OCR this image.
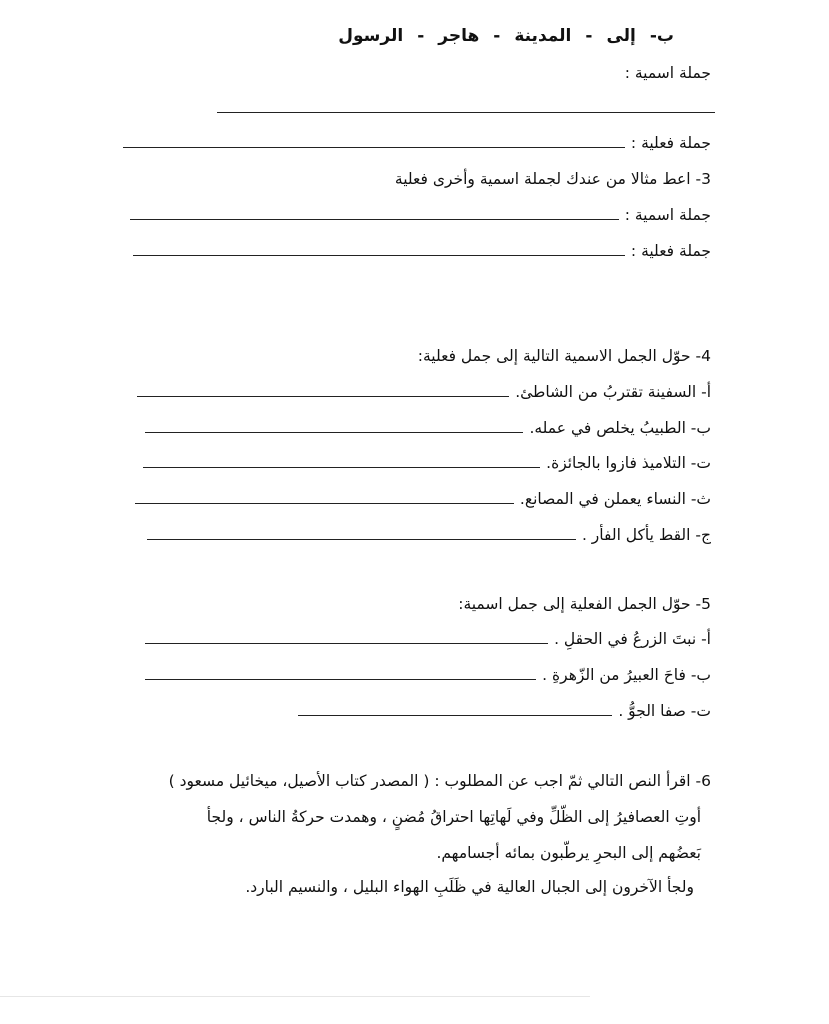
ب-إلى-المدينة-هاجر-الرسول
جملة اسمية :
جملة فعلية :
3- اعط مثالا من عندك لجملة اسمية وأخرى فعلية
جملة اسمية :
جملة فعلية :
4- حوّل الجمل الاسمية التالية إلى جمل فعلية:
أ- السفينة تقتربُ من الشاطئ.
ب- الطبيبُ يخلص في عمله.
ت- التلاميذ فازوا بالجائزة.
ث- النساء يعملن في المصانع.
ج- القط يأكل الفأر .
5- حوّل الجمل الفعلية إلى جمل اسمية:
أ- نبتَ الزرعُ في الحقلِ .
ب- فاحَ العبيرُ من الزّهرةِ .
ت- صفا الجوُّ .
6- اقرأ النص التالي ثمّ اجب عن المطلوب : ( المصدر كتاب الأصيل، ميخائيل مسعود )
أوتِ العصافيرُ إلى الظّلِّ وفي لَهاتِها احتراقُ مُضنٍ ، وهمدت حركةُ الناس ، ولجأ
بَعضُهم إلى البحرِ يرطّبون بمائه أجسامهم.
ولجأ الآخرون إلى الجبال العالية في ظَلَبِ الهواء البليل ، والنسيم البارد.
